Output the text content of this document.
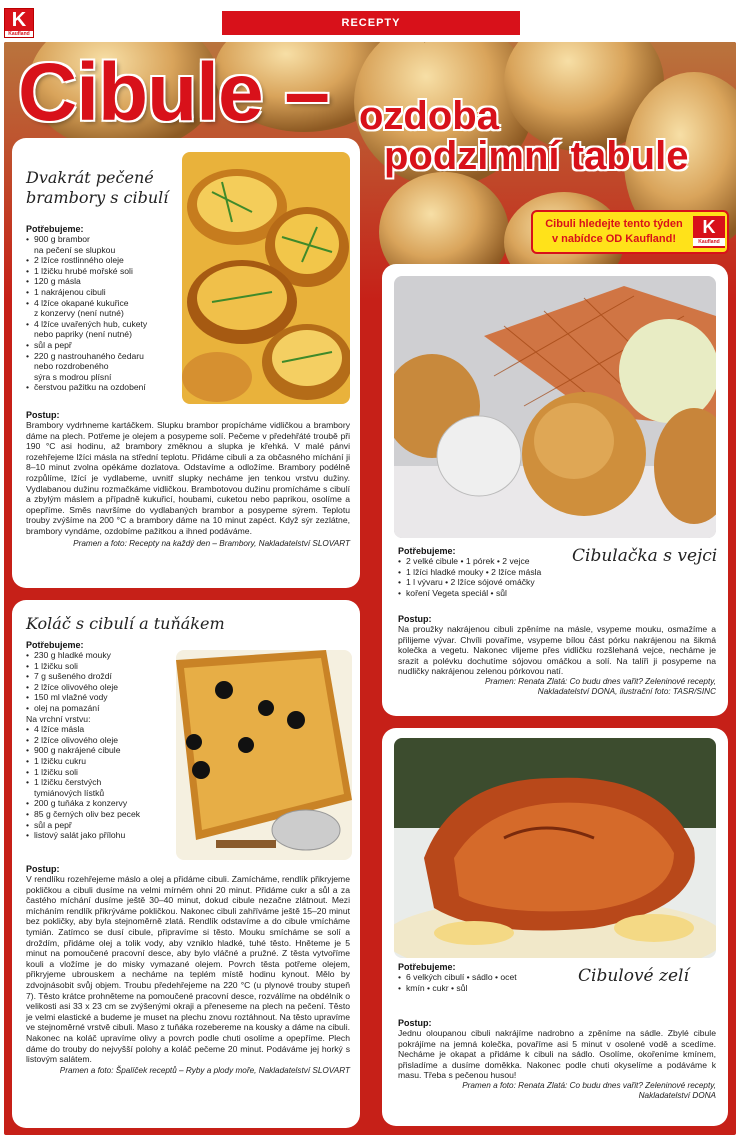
K
Kaufland
RECEPTY
Cibule – ozdoba
podzimní tabule
Cibuli hledejte tento týden
v nabídce OD Kaufland!
K
Kaufland
Dvakrát pečené
brambory s cibulí
Potřebujeme:
• 900 g brambor
na pečení se slupkou
• 2 lžíce rostlinného oleje
• 1 lžičku hrubé mořské soli
• 120 g másla
• 1 nakrájenou cibuli
• 4 lžíce okapané kukuřice
z konzervy (není nutné)
• 4 lžíce uvařených hub, cukety
nebo papriky (není nutné)
• sůl a pepř
• 220 g nastrouhaného čedaru
nebo rozdrobeného
sýra s modrou plísní
• čerstvou pažitku na ozdobení
Postup:
Brambory vydrhneme kartáčkem. Slupku brambor propícháme vidličkou a brambory dáme na plech. Potřeme je olejem a posypeme solí. Pečeme v předehřáté troubě při 190 °C asi hodinu, až brambory změknou a slupka je křehká. V malé pánvi rozehřejeme lžíci másla na střední teplotu. Přidáme cibuli a za občasného míchání ji 8–10 minut zvolna opékáme dozlatova. Odstavíme a odložíme. Brambory podélně rozpůlíme, lžící je vydlabeme, uvnitř slupky necháme jen tenkou vrstvu dužiny. Vydlabanou dužinu rozmačkáme vidličkou. Brambotovou dužinu promícháme s cibulí a zbylým máslem a případně kukuřicí, houbami, cuketou nebo paprikou, osolíme a opepříme. Směs navršíme do vydlabaných brambor a posypeme sýrem. Teplotu trouby zvýšíme na 200 °C a brambory dáme na 10 minut zapéct. Když sýr zezlátne, brambory vyndáme, ozdobíme pažitkou a ihned podáváme.
Pramen a foto: Recepty na každý den – Brambory, Nakladatelství SLOVART
Koláč s cibulí a tuňákem
Potřebujeme:
• 230 g hladké mouky
• 1 lžičku soli
• 7 g sušeného droždí
• 2 lžíce olivového oleje
• 150 ml vlažné vody
• olej na pomazání
Na vrchní vrstvu:
• 4 lžíce másla
• 2 lžíce olivového oleje
• 900 g nakrájené cibule
• 1 lžičku cukru
• 1 lžičku soli
• 1 lžičku čerstvých
tymiánových lístků
• 200 g tuňáka z konzervy
• 85 g černých oliv bez pecek
• sůl a pepř
• listový salát jako přílohu
Postup:
V rendlíku rozehřejeme máslo a olej a přidáme cibuli. Zamícháme, rendlík přikryjeme pokličkou a cibuli dusíme na velmi mírném ohni 20 minut. Přidáme cukr a sůl a za častého míchání dusíme ještě 30–40 minut, dokud cibule nezačne zlátnout. Mezi mícháním rendlík přikrýváme pokličkou. Nakonec cibuli zahříváme ještě 15–20 minut bez pokličky, aby byla stejnoměrně zlatá. Rendlík odstavíme a do cibule vmícháme tymián. Zatímco se dusí cibule, připravíme si těsto. Mouku smícháme se solí a droždím, přidáme olej a tolik vody, aby vzniklo hladké, tuhé těsto. Hněteme je 5 minut na pomoučené pracovní desce, aby bylo vláčné a pružné. Z těsta vytvoříme kouli a vložíme je do misky vymazané olejem. Povrch těsta potřeme olejem, přikryjeme ubrouskem a necháme na teplém místě hodinu kynout. Mělo by zdvojnásobit svůj objem. Troubu předehřejeme na 220 °C (u plynové trouby stupeň 7). Těsto krátce prohněteme na pomoučené pracovní desce, rozválíme na obdélník o velikosti asi 33 x 23 cm se zvýšenými okraji a přeneseme na plech na pečení. Těsto je velmi elastické a budeme je muset na plechu znovu roztáhnout. Na těsto upravíme ve stejnoměrné vrstvě cibuli. Maso z tuňáka rozebereme na kousky a dáme na cibuli. Nakonec na koláč upravíme olivy a povrch podle chuti osolíme a opepříme. Plech dáme do trouby do nejvyšší polohy a koláč pečeme 20 minut. Podáváme jej horký s listovým salátem.
Pramen a foto: Špalíček receptů – Ryby a plody moře, Nakladatelství SLOVART
Cibulačka s vejci
Potřebujeme:
• 2 velké cibule • 1 pórek • 2 vejce
• 1 lžíci hladké mouky • 2 lžíce másla
• 1 l vývaru • 2 lžíce sójové omáčky
• koření Vegeta speciál • sůl
Postup:
Na proužky nakrájenou cibuli zpěníme na másle, vsypeme mouku, osmažíme a přilijeme vývar. Chvíli povaříme, vsypeme bílou část pórku nakrájenou na šikmá kolečka a vegetu. Nakonec vlijeme přes vidličku rozšlehaná vejce, necháme je srazit a polévku dochutíme sójovou omáčkou a solí. Na talíři ji posypeme na nudličky nakrájenou zelenou pórkovou natí.
Pramen: Renata Zlatá: Co budu dnes vařit? Zeleninové recepty,
Nakladatelství DONA, ilustrační foto: TASR/SINC
Cibulové zelí
Potřebujeme:
• 6 velkých cibulí • sádlo • ocet
• kmín • cukr • sůl
Postup:
Jednu oloupanou cibuli nakrájíme nadrobno a zpěníme na sádle. Zbylé cibule pokrájíme na jemná kolečka, povaříme asi 5 minut v osolené vodě a scedíme. Necháme je okapat a přidáme k cibuli na sádlo. Osolíme, okořeníme kmínem, přisladíme a dusíme doměkka. Nakonec podle chuti okyselíme a podáváme k masu. Třeba s pečenou husou!
Pramen a foto: Renata Zlatá: Co budu dnes vařit? Zeleninové recepty,
Nakladatelství DONA
